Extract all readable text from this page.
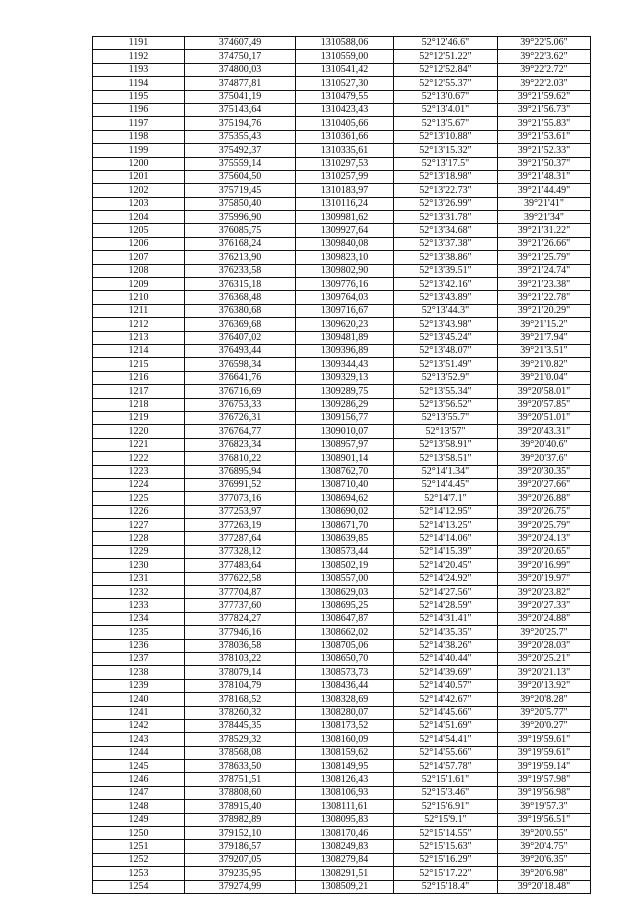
1191	374607,49	1310588,06	52°12'46.6"	39°22'5.06"
1192	374750,17	1310559,00	52°12'51.22"	39°22'3.62"
1193	374800,03	1310541,42	52°12'52.84"	39°22'2.72"
1194	374877,81	1310527,30	52°12'55.37"	39°22'2.03"
1195	375041,19	1310479,55	52°13'0.67"	39°21'59.62"
1196	375143,64	1310423,43	52°13'4.01"	39°21'56.73"
1197	375194,76	1310405,66	52°13'5.67"	39°21'55.83"
1198	375355,43	1310361,66	52°13'10.88"	39°21'53.61"
1199	375492,37	1310335,61	52°13'15.32"	39°21'52.33"
1200	375559,14	1310297,53	52°13'17.5"	39°21'50.37"
1201	375604,50	1310257,99	52°13'18.98"	39°21'48.31"
1202	375719,45	1310183,97	52°13'22.73"	39°21'44.49"
1203	375850,40	1310116,24	52°13'26.99"	39°21'41"
1204	375996,90	1309981,62	52°13'31.78"	39°21'34"
1205	376085,75	1309927,64	52°13'34.68"	39°21'31.22"
1206	376168,24	1309840,08	52°13'37.38"	39°21'26.66"
1207	376213,90	1309823,10	52°13'38.86"	39°21'25.79"
1208	376233,58	1309802,90	52°13'39.51"	39°21'24.74"
1209	376315,18	1309776,16	52°13'42.16"	39°21'23.38"
1210	376368,48	1309764,03	52°13'43.89"	39°21'22.78"
1211	376380,68	1309716,67	52°13'44.3"	39°21'20.29"
1212	376369,68	1309620,23	52°13'43.98"	39°21'15.2"
1213	376407,02	1309481,89	52°13'45.24"	39°21'7.94"
1214	376493,44	1309396,89	52°13'48.07"	39°21'3.51"
1215	376598,34	1309344,43	52°13'51.49"	39°21'0.82"
1216	376641,76	1309329,13	52°13'52.9"	39°21'0.04"
1217	376716,69	1309289,75	52°13'55.34"	39°20'58.01"
1218	376753,33	1309286,29	52°13'56.52"	39°20'57.85"
1219	376726,31	1309156,77	52°13'55.7"	39°20'51.01"
1220	376764,77	1309010,07	52°13'57"	39°20'43.31"
1221	376823,34	1308957,97	52°13'58.91"	39°20'40.6"
1222	376810,22	1308901,14	52°13'58.51"	39°20'37.6"
1223	376895,94	1308762,70	52°14'1.34"	39°20'30.35"
1224	376991,52	1308710,40	52°14'4.45"	39°20'27.66"
1225	377073,16	1308694,62	52°14'7.1"	39°20'26.88"
1226	377253,97	1308690,02	52°14'12.95"	39°20'26.75"
1227	377263,19	1308671,70	52°14'13.25"	39°20'25.79"
1228	377287,64	1308639,85	52°14'14.06"	39°20'24.13"
1229	377328,12	1308573,44	52°14'15.39"	39°20'20.65"
1230	377483,64	1308502,19	52°14'20.45"	39°20'16.99"
1231	377622,58	1308557,00	52°14'24.92"	39°20'19.97"
1232	377704,87	1308629,03	52°14'27.56"	39°20'23.82"
1233	377737,60	1308695,25	52°14'28.59"	39°20'27.33"
1234	377824,27	1308647,87	52°14'31.41"	39°20'24.88"
1235	377946,16	1308662,02	52°14'35.35"	39°20'25.7"
1236	378036,58	1308705,06	52°14'38.26"	39°20'28.03"
1237	378103,22	1308650,70	52°14'40.44"	39°20'25.21"
1238	378079,14	1308573,73	52°14'39.69"	39°20'21.13"
1239	378104,79	1308436,44	52°14'40.57"	39°20'13.92"
1240	378168,52	1308328,69	52°14'42.67"	39°20'8.28"
1241	378260,32	1308280,07	52°14'45.66"	39°20'5.77"
1242	378445,35	1308173,52	52°14'51.69"	39°20'0.27"
1243	378529,32	1308160,09	52°14'54.41"	39°19'59.61"
1244	378568,08	1308159,62	52°14'55.66"	39°19'59.61"
1245	378633,50	1308149,95	52°14'57.78"	39°19'59.14"
1246	378751,51	1308126,43	52°15'1.61"	39°19'57.98"
1247	378808,60	1308106,93	52°15'3.46"	39°19'56.98"
1248	378915,40	1308111,61	52°15'6.91"	39°19'57.3"
1249	378982,89	1308095,83	52°15'9.1"	39°19'56.51"
1250	379152,10	1308170,46	52°15'14.55"	39°20'0.55"
1251	379186,57	1308249,83	52°15'15.63"	39°20'4.75"
1252	379207,05	1308279,84	52°15'16.29"	39°20'6.35"
1253	379235,95	1308291,51	52°15'17.22"	39°20'6.98"
1254	379274,99	1308509,21	52°15'18.4"	39°20'18.48"
